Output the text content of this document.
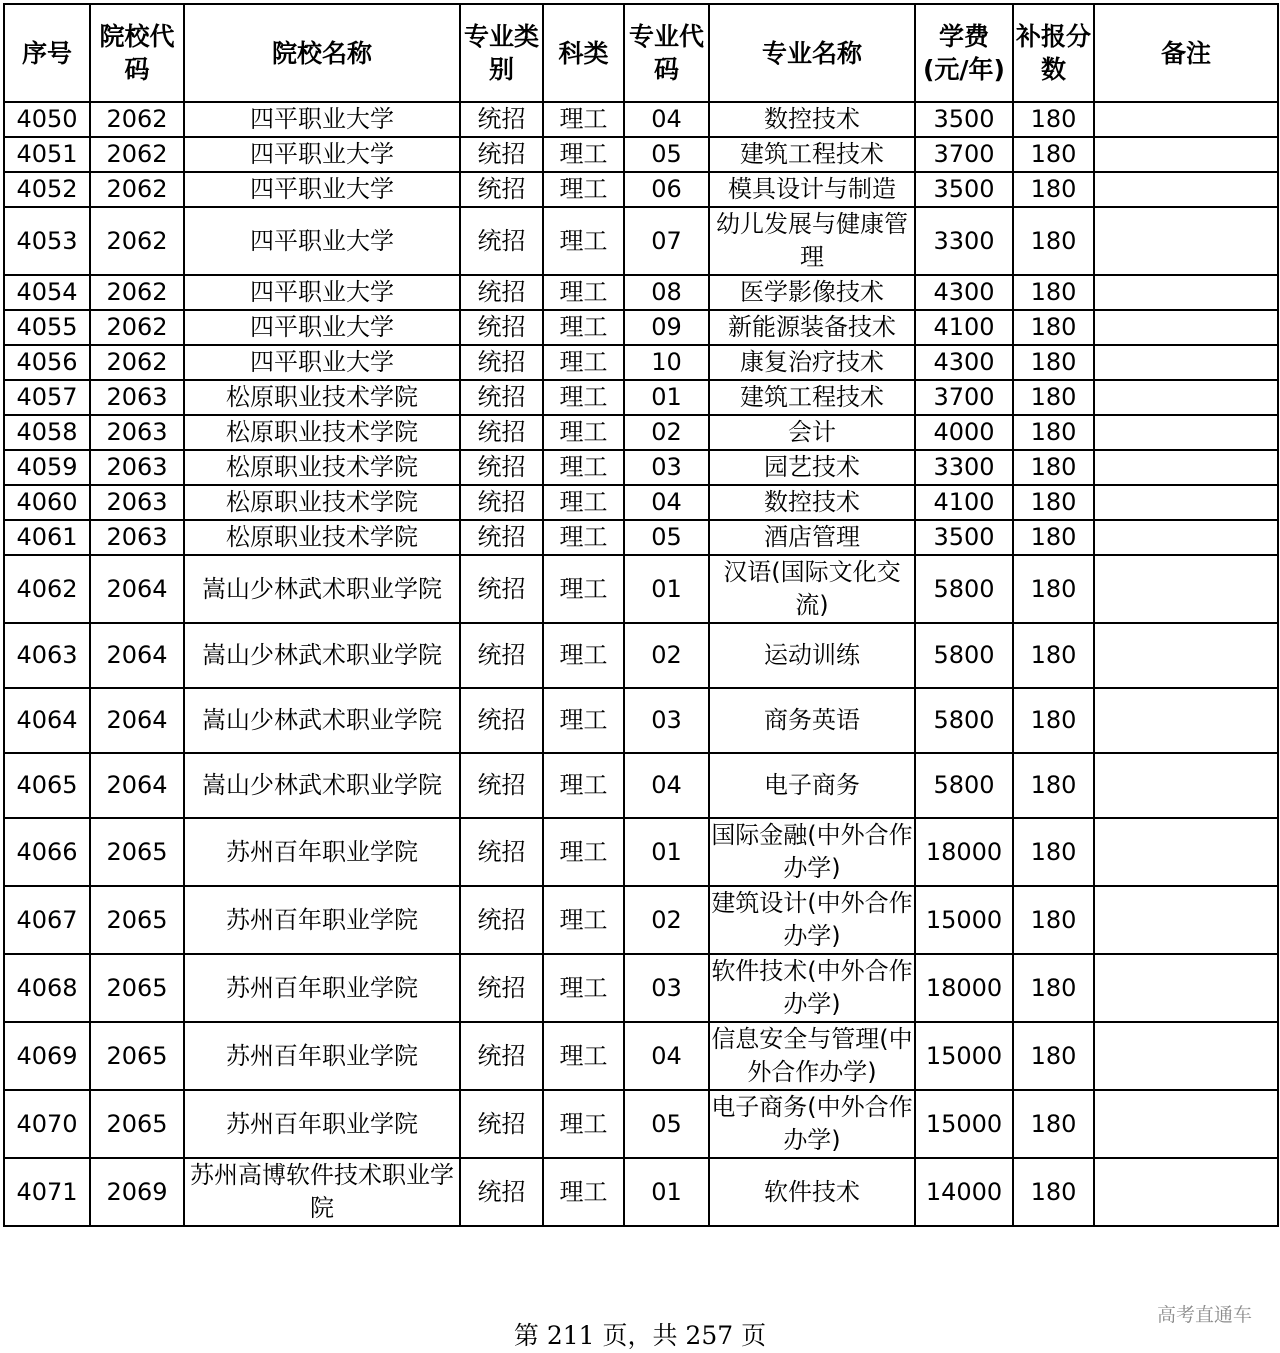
序号	院校代码	院校名称	专业类别	科类	专业代码	专业名称	学费(元/年)	补报分数	备注
4050	2062	四平职业大学	统招	理工	04	数控技术	3500	180	
4051	2062	四平职业大学	统招	理工	05	建筑工程技术	3700	180	
4052	2062	四平职业大学	统招	理工	06	模具设计与制造	3500	180	
4053	2062	四平职业大学	统招	理工	07	幼儿发展与健康管理	3300	180	
4054	2062	四平职业大学	统招	理工	08	医学影像技术	4300	180	
4055	2062	四平职业大学	统招	理工	09	新能源装备技术	4100	180	
4056	2062	四平职业大学	统招	理工	10	康复治疗技术	4300	180	
4057	2063	松原职业技术学院	统招	理工	01	建筑工程技术	3700	180	
4058	2063	松原职业技术学院	统招	理工	02	会计	4000	180	
4059	2063	松原职业技术学院	统招	理工	03	园艺技术	3300	180	
4060	2063	松原职业技术学院	统招	理工	04	数控技术	4100	180	
4061	2063	松原职业技术学院	统招	理工	05	酒店管理	3500	180	
4062	2064	嵩山少林武术职业学院	统招	理工	01	汉语(国际文化交流)	5800	180	
4063	2064	嵩山少林武术职业学院	统招	理工	02	运动训练	5800	180	
4064	2064	嵩山少林武术职业学院	统招	理工	03	商务英语	5800	180	
4065	2064	嵩山少林武术职业学院	统招	理工	04	电子商务	5800	180	
4066	2065	苏州百年职业学院	统招	理工	01	国际金融(中外合作办学)	18000	180	
4067	2065	苏州百年职业学院	统招	理工	02	建筑设计(中外合作办学)	15000	180	
4068	2065	苏州百年职业学院	统招	理工	03	软件技术(中外合作办学)	18000	180	
4069	2065	苏州百年职业学院	统招	理工	04	信息安全与管理(中外合作办学)	15000	180	
4070	2065	苏州百年职业学院	统招	理工	05	电子商务(中外合作办学)	15000	180	
4071	2069	苏州高博软件技术职业学院	统招	理工	01	软件技术	14000	180	
第 211 页，共 257 页
高考直通车
